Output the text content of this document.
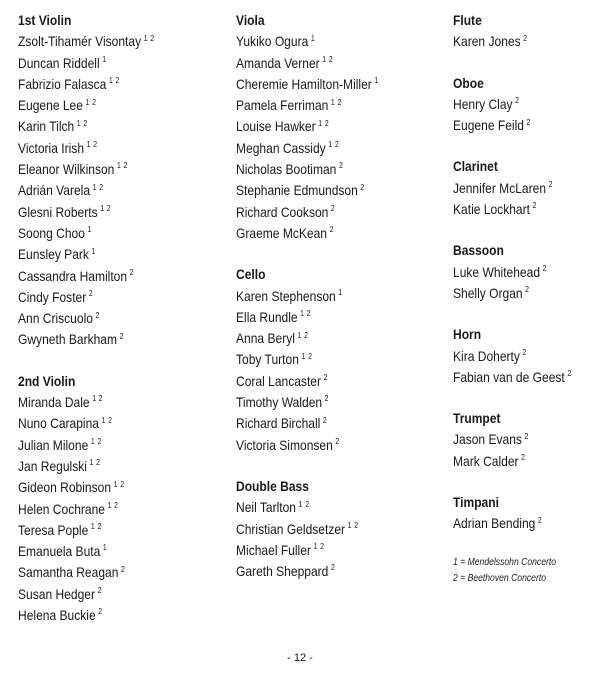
1st Violin
Zsolt-Tihamér Visontay $^{1 2}$
Duncan Riddell $^1$
Fabrizio Falasca $^{1 2}$
Eugene Lee $^{1 2}$
Karin Tilch $^{1 2}$
Victoria Irish $^{1 2}$
Eleanor Wilkinson $^{1 2}$
Adrián Varela $^{1 2}$
Glesni Roberts $^{1 2}$
Soong Choo $^1$
Eunsley Park $^1$
Cassandra Hamilton $^2$
Cindy Foster $^2$
Ann Criscuolo $^2$
Gwyneth Barkham $^2$
2nd Violin
Miranda Dale $^{1 2}$
Nuno Carapina $^{1 2}$
Julian Milone $^{1 2}$
Jan Regulski $^{1 2}$
Gideon Robinson $^{1 2}$
Helen Cochrane $^{1 2}$
Teresa Pople $^{1 2}$
Emanuela Buta $^1$
Samantha Reagan $^2$
Susan Hedger $^2$
Helena Buckie $^2$
Viola
Yukiko Ogura $^1$
Amanda Verner $^{1 2}$
Cheremie Hamilton-Miller $^1$
Pamela Ferriman $^{1 2}$
Louise Hawker $^{1 2}$
Meghan Cassidy $^{1 2}$
Nicholas Bootiman $^2$
Stephanie Edmundson $^2$
Richard Cookson $^2$
Graeme McKean $^2$
Cello
Karen Stephenson $^1$
Ella Rundle $^{1 2}$
Anna Beryl $^{1 2}$
Toby Turton $^{1 2}$
Coral Lancaster $^2$
Timothy Walden $^2$
Richard Birchall $^2$
Victoria Simonsen $^2$
Double Bass
Neil Tarlton $^{1 2}$
Christian Geldsetzer $^{1 2}$
Michael Fuller $^{1 2}$
Gareth Sheppard $^2$
Flute
Karen Jones $^2$
Oboe
Henry Clay $^2$
Eugene Feild $^2$
Clarinet
Jennifer McLaren $^2$
Katie Lockhart $^2$
Bassoon
Luke Whitehead $^2$
Shelly Organ $^2$
Horn
Kira Doherty $^2$
Fabian van de Geest $^2$
Trumpet
Jason Evans $^2$
Mark Calder $^2$
Timpani
Adrian Bending $^2$
1 = Mendelssohn Concerto
2 = Beethoven Concerto
- 12 -
